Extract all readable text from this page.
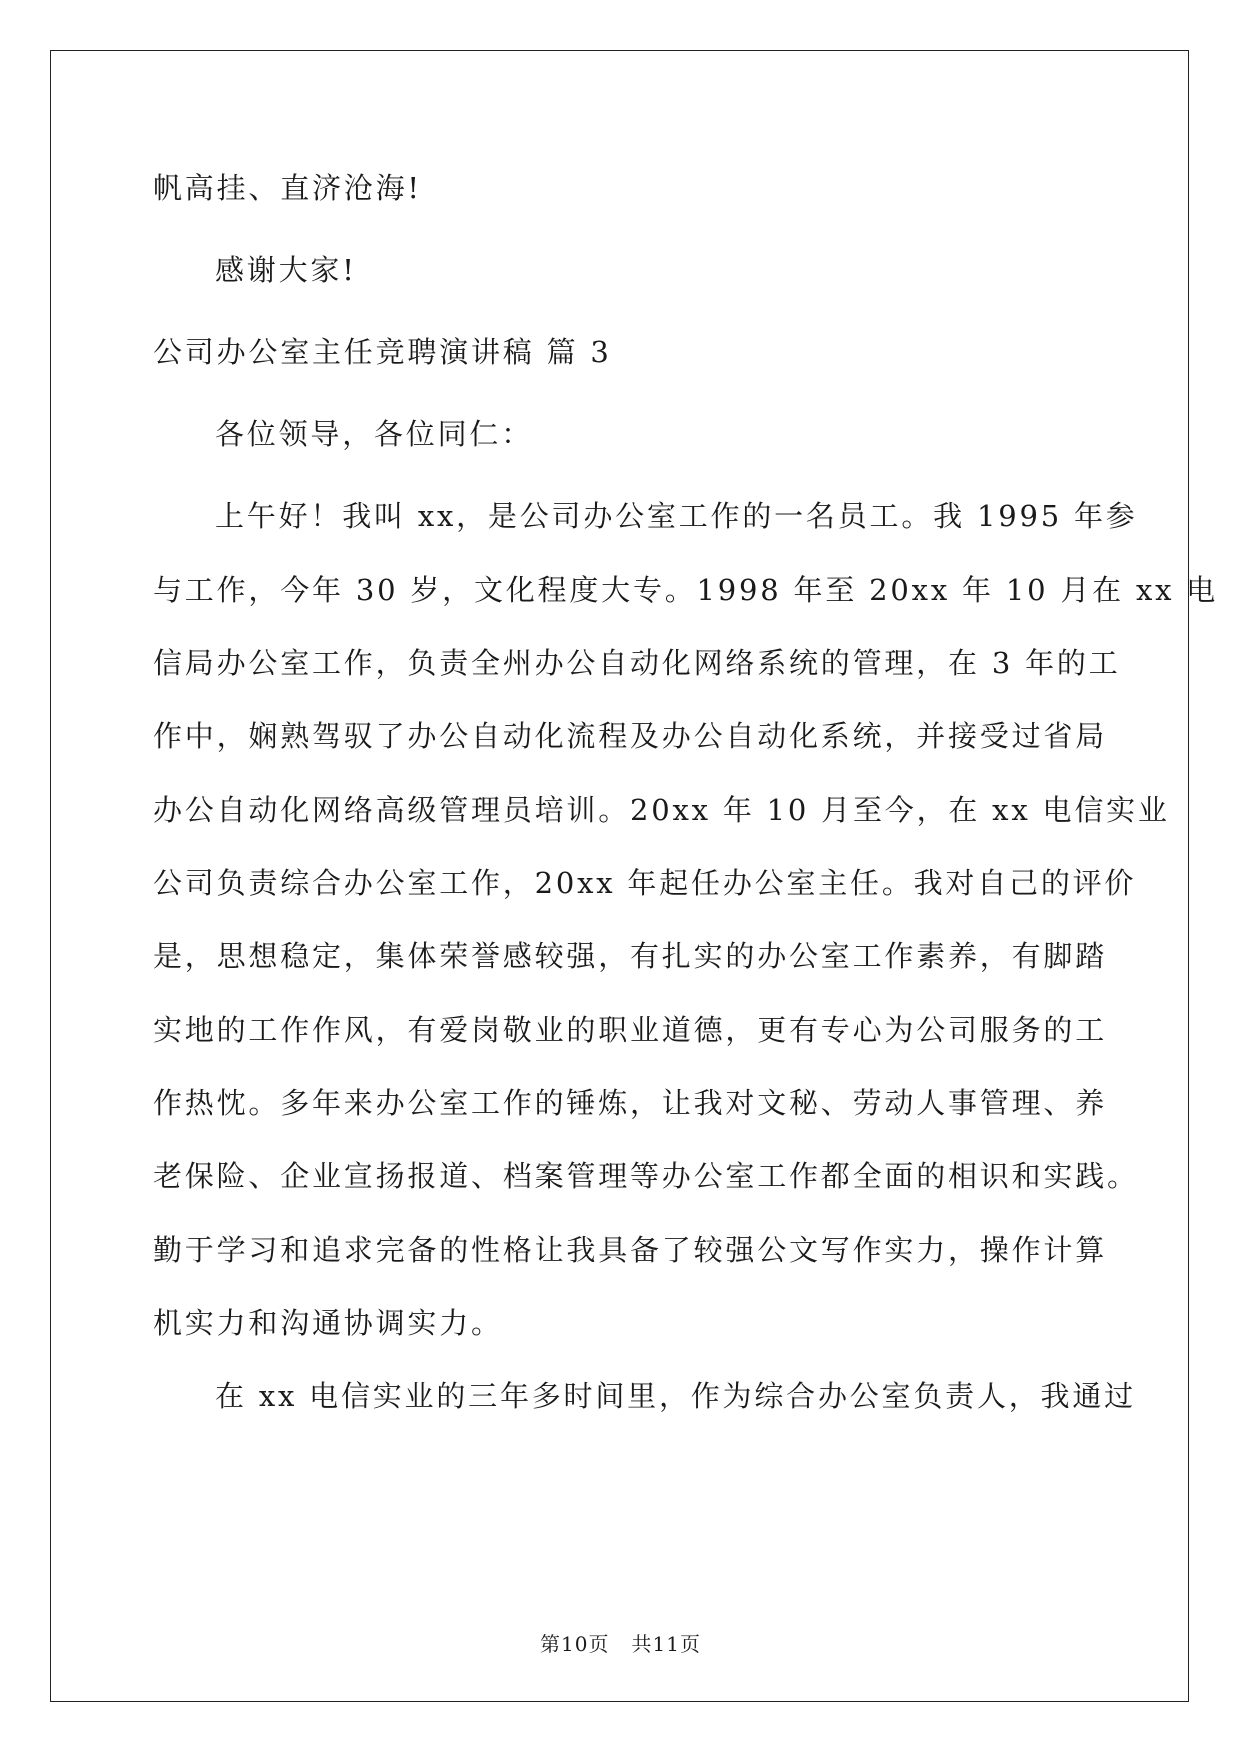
帆高挂、直济沧海!
感谢大家!
公司办公室主任竞聘演讲稿 篇 3
各位领导，各位同仁：
上午好！我叫 xx，是公司办公室工作的一名员工。我 1995 年参
与工作，今年 30 岁，文化程度大专。1998 年至 20xx 年 10 月在 xx 电
信局办公室工作，负责全州办公自动化网络系统的管理，在 3 年的工
作中，娴熟驾驭了办公自动化流程及办公自动化系统，并接受过省局
办公自动化网络高级管理员培训。20xx 年 10 月至今，在 xx 电信实业
公司负责综合办公室工作，20xx 年起任办公室主任。我对自己的评价
是，思想稳定，集体荣誉感较强，有扎实的办公室工作素养，有脚踏
实地的工作作风，有爱岗敬业的职业道德，更有专心为公司服务的工
作热忱。多年来办公室工作的锤炼，让我对文秘、劳动人事管理、养
老保险、企业宣扬报道、档案管理等办公室工作都全面的相识和实践。
勤于学习和追求完备的性格让我具备了较强公文写作实力，操作计算
机实力和沟通协调实力。
在 xx 电信实业的三年多时间里，作为综合办公室负责人，我通过
第10页 共11页
